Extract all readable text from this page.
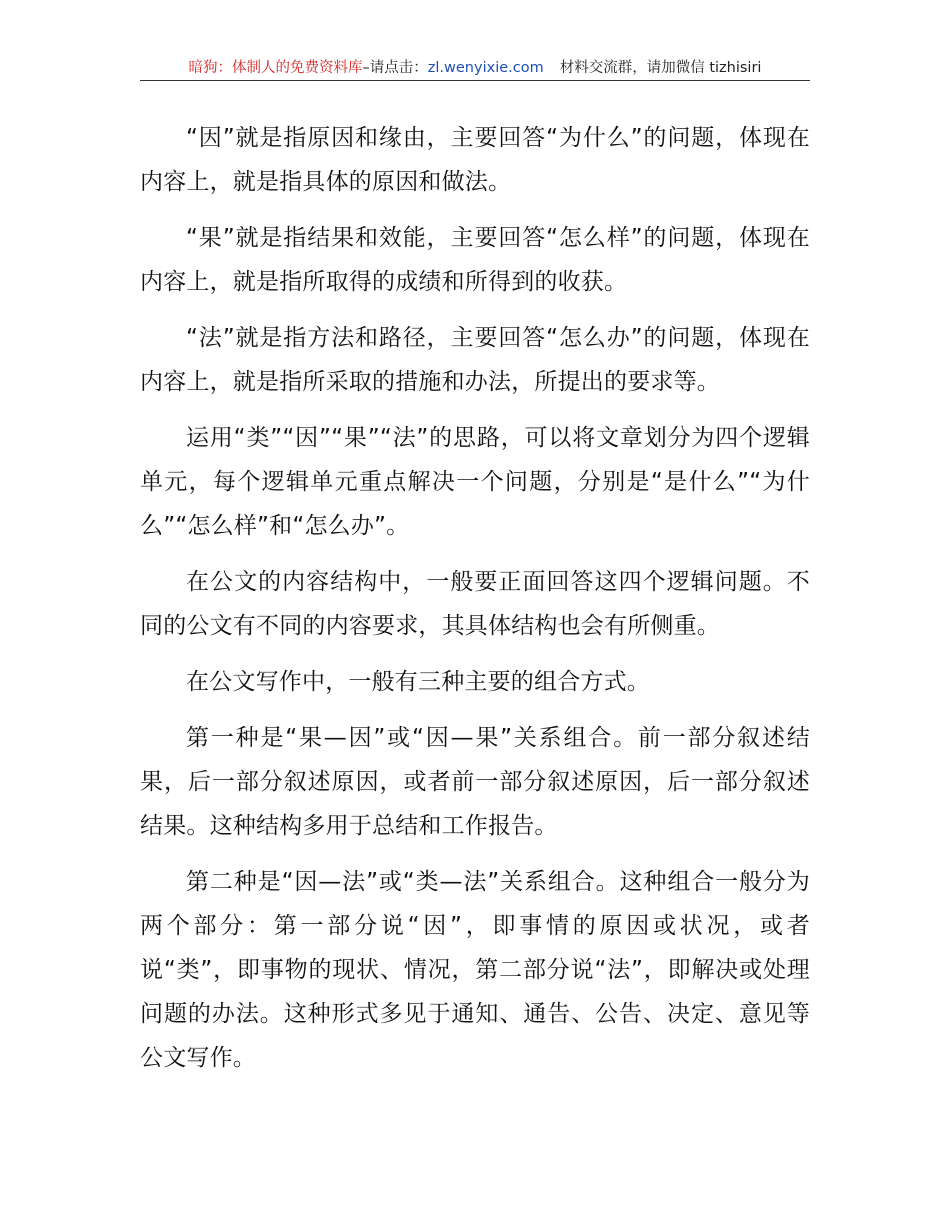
暗狗：体制人的免费资料库–请点击：zl.wenyixie.com 材料交流群，请加微信 tizhisiri

“因”就是指原因和缘由，主要回答“为什么”的问题，体现在内容上，就是指具体的原因和做法。

“果”就是指结果和效能，主要回答“怎么样”的问题，体现在内容上，就是指所取得的成绩和所得到的收获。

“法”就是指方法和路径，主要回答“怎么办”的问题，体现在内容上，就是指所采取的措施和办法，所提出的要求等。

运用“类”“因”“果”“法”的思路，可以将文章划分为四个逻辑单元，每个逻辑单元重点解决一个问题，分别是“是什么”“为什么”“怎么样”和“怎么办”。

在公文的内容结构中，一般要正面回答这四个逻辑问题。不同的公文有不同的内容要求，其具体结构也会有所侧重。

在公文写作中，一般有三种主要的组合方式。

第一种是“果—因”或“因—果”关系组合。前一部分叙述结果，后一部分叙述原因，或者前一部分叙述原因，后一部分叙述结果。这种结构多用于总结和工作报告。

第二种是“因—法”或“类—法”关系组合。这种组合一般分为两个部分：第一部分说“因”，即事情的原因或状况，或者说“类”，即事物的现状、情况，第二部分说“法”，即解决或处理问题的办法。这种形式多见于通知、通告、公告、决定、意见等公文写作。
